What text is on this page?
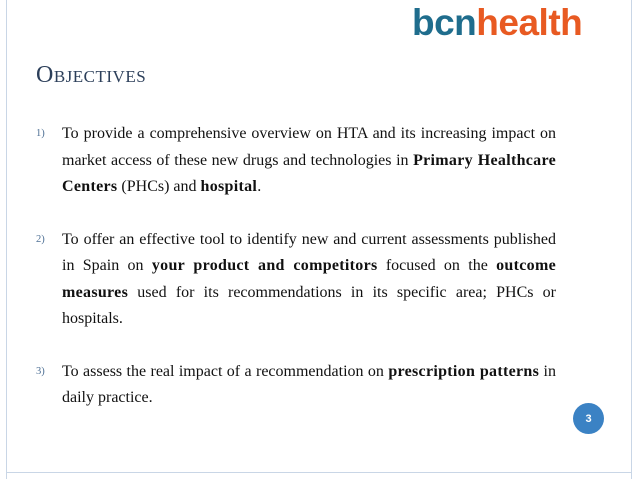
bcnhealth
Objectives
1) To provide a comprehensive overview on HTA and its increasing impact on market access of these new drugs and technologies in Primary Healthcare Centers (PHCs) and hospital.
2) To offer an effective tool to identify new and current assessments published in Spain on your product and competitors focused on the outcome measures used for its recommendations in its specific area; PHCs or hospitals.
3) To assess the real impact of a recommendation on prescription patterns in daily practice.
3
